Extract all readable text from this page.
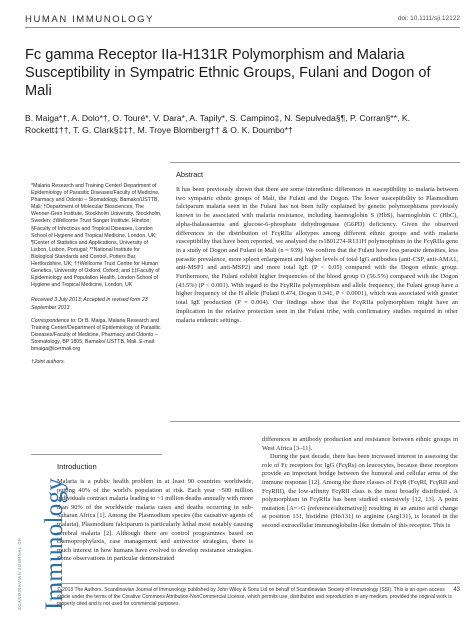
HUMAN IMMUNOLOGY	doi: 10.1111/sji.12122
Fc gamma Receptor IIa-H131R Polymorphism and Malaria Susceptibility in Sympatric Ethnic Groups, Fulani and Dogon of Mali
B. Maiga*†, A. Dolo*†, O. Touré*, V. Dara*, A. Tapily*, S. Campino‡, N. Sepulveda§¶, P. Corran§**, K. Rockett‡††, T. G. Clark§‡‡†, M. Troye Blomberg†† & O. K. Doumbo*†

*Malaria Research and Training Center/ Department of Epidemiology of Parasitic Diseases/Faculty of Medicine, Pharmacy and Odonto – Stomatology, Bamako/USTTB, Mali; †Department of Molecular Biosciences, The Wenner-Gren Institute, Stockholm University, Stockholm, Sweden; ‡Wellcome Trust Sanger Institute, Hinxton; §Faculty of Infectious and Tropical Diseases, London School of Hygiene and Tropical Medicine, London, UK; ¶Center of Statistics and Applications, University of Lisbon, Lisbon, Portugal; **National Institute for Biological Standards and Control, Potters Bar, Hertfordshire, UK; ††Wellcome Trust Centre for Human Genetics, University of Oxford, Oxford; and ‡‡Faculty of Epidemiology and Population Health, London School of Hygiene and Tropical Medicine, London, UK

Received 3 July 2013; Accepted in revised form 23 September 2013
Correspondence to: Dr B. Maiga, Malaria Research and Training Center/Department of Epidemiology of Parasitic Diseases/Faculty of Medicine, Pharmacy and Odonto – Stomatology, BP 1805, Bamako/ USTTB, Mali. E-mail: bmaiga@icermali.org
†Joint authors.
Abstract

It has been previously shown that there are some interethnic differences in susceptibility to malaria between two sympatric ethnic groups of Mali, the Fulani and the Dogon. The lower susceptibility to Plasmodium falciparum malaria seen in the Fulani has not been fully explained by genetic polymorphisms previously known to be associated with malaria resistance, including haemoglobin S (HbS), haemoglobin C (HbC), alpha-thalassaemia and glucose-6-phosphate dehydrogenase (G6PD) deficiency. Given the observed differences in the distribution of FcγRIIa allotypes among different ethnic groups and with malaria susceptibility that have been reported, we analysed the rs1801274-R131H polymorphism in the FcγRIIa gene in a study of Dogon and Fulani in Mali (n = 939). We confirm that the Fulani have less parasite densities, less parasite prevalence, more spleen enlargement and higher levels of total IgG antibodies (anti-CSP, anti-AMA1, anti-MSP1 and anti-MSP2) and more total IgE (P < 0.05) compared with the Dogon ethnic group. Furthermore, the Fulani exhibit higher frequencies of the blood group O (56.5%) compared with the Dogon (43.5%) (P < 0.001). With regard to the FcγRIIa polymorphism and allele frequency, the Fulani group have a higher frequency of the H allele (Fulani 0.474, Dogon 0.341, P < 0.0001), which was associated with greater total IgE production (P = 0.004). Our findings show that the FcγRIIa polymorphism might have an implication in the relative protection seen in the Fulani tribe, with confirmatory studies required in other malaria endemic settings.

Introduction

Malaria is a public health problem in at least 90 countries worldwide, putting 40% of the world's population at risk. Each year ~500 million individuals contract malaria leading to ~1 million deaths annually with more than 90% of the worldwide malaria cases and deaths occurring in sub-Saharan Africa [1]. Among the Plasmodium species (the causative agents of malaria), Plasmodium falciparum is particularly lethal most notably causing cerebral malaria [2]. Although there are control programmes based on chemoprophylaxis, case management and antivector strategies, there is much interest in how humans have evolved to develop resistance strategies. Some observations in particular demonstrated

differences in antibody production and resistance between ethnic groups in West Africa [3–11].
During the past decade, there has been increased interest in assessing the role of Fc receptors for IgG (FcγRs) on leucocytes, because these receptors provide an important bridge between the humoral and cellular arms of the immune response [12]. Among the three classes of FcγR (FcγRI, FcγRII and FcγRIII), the low-affinity FcγRII class is the most broadly distributed. A polymorphism in FcγRIIa has been studied extensively [12, 13]. A point mutation [A=>G (reference/alternative)] resulting in an amino acid change at position 131, histidine (His131) to arginine (Arg131), is located in the second extracellular immunoglobulin-like domain of this receptor. This is
SCANDINAVIAN JOURNAL OF Immunology

© 2013 The Authors. Scandinavian Journal of Immunology published by John Wiley & Sons Ltd on behalf of Scandinavian Society of Immunology (SSI). This is an open access article under the terms of the Creative Commons Attribution-NonCommercial License, which permits use, distribution and reproduction in any medium, provided the original work is properly cited and is not used for commercial purposes.

43
